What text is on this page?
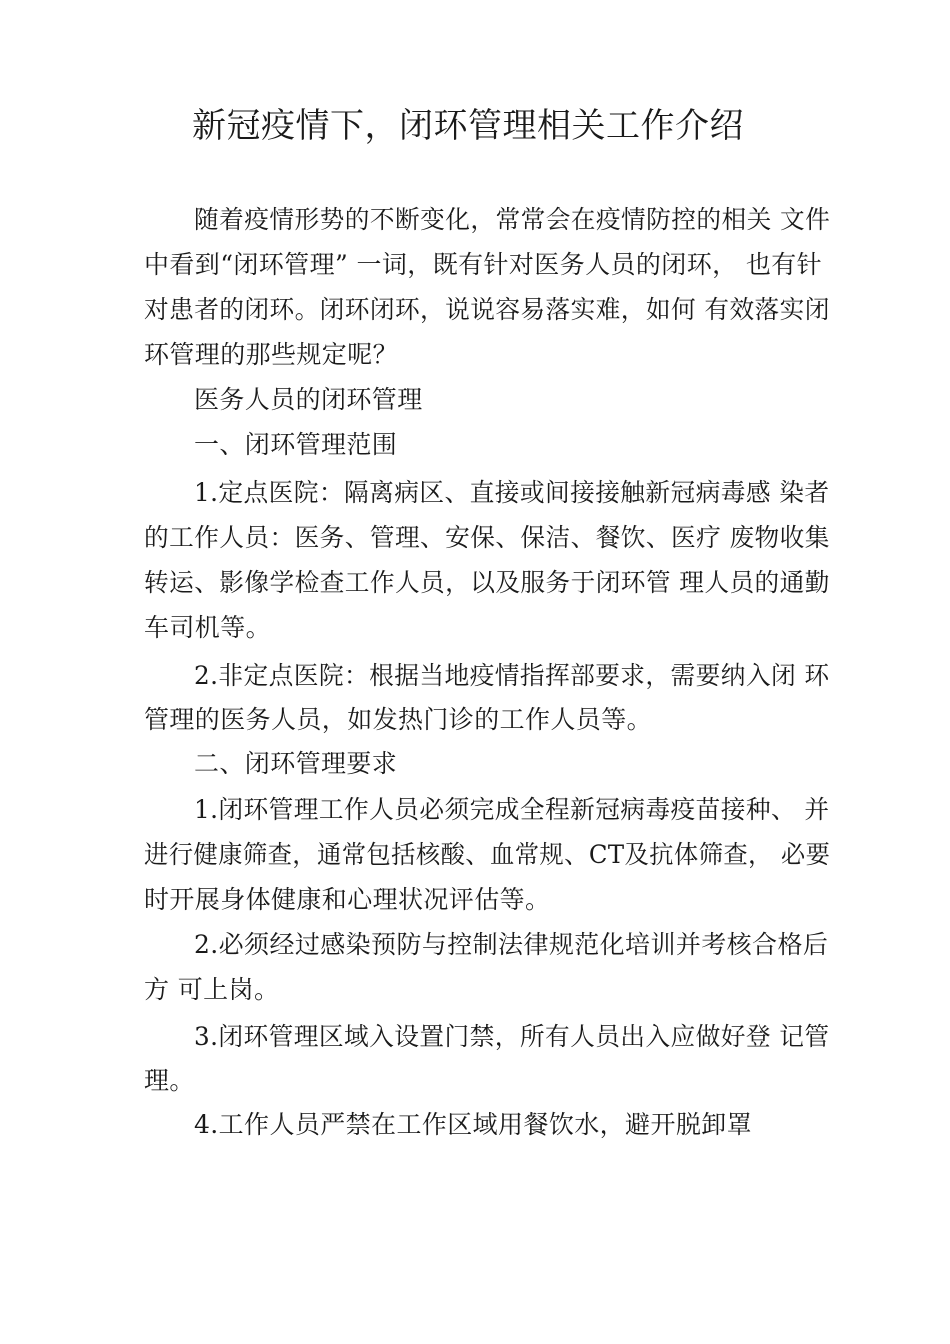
新冠疫情下，闭环管理相关工作介绍
随着疫情形势的不断变化，常常会在疫情防控的相关 文件
中看到“闭环管理” 一词，既有针对医务人员的闭环， 也有针
对患者的闭环。闭环闭环，说说容易落实难，如何 有效落实闭
环管理的那些规定呢？
医务人员的闭环管理
一、闭环管理范围
1.定点医院：隔离病区、直接或间接接触新冠病毒感 染者
的工作人员：医务、管理、安保、保洁、餐饮、医疗 废物收集
转运、影像学检查工作人员，以及服务于闭环管 理人员的通勤
车司机等。
2.非定点医院：根据当地疫情指挥部要求，需要纳入闭 环
管理的医务人员，如发热门诊的工作人员等。
二、闭环管理要求
1.闭环管理工作人员必须完成全程新冠病毒疫苗接种、 并
进行健康筛查，通常包括核酸、血常规、CT及抗体筛查， 必要
时开展身体健康和心理状况评估等。
2.必须经过感染预防与控制法律规范化培训并考核合格后
方 可上岗。
3.闭环管理区域入设置门禁，所有人员出入应做好登 记管
理。
4.工作人员严禁在工作区域用餐饮水，避开脱卸罩
